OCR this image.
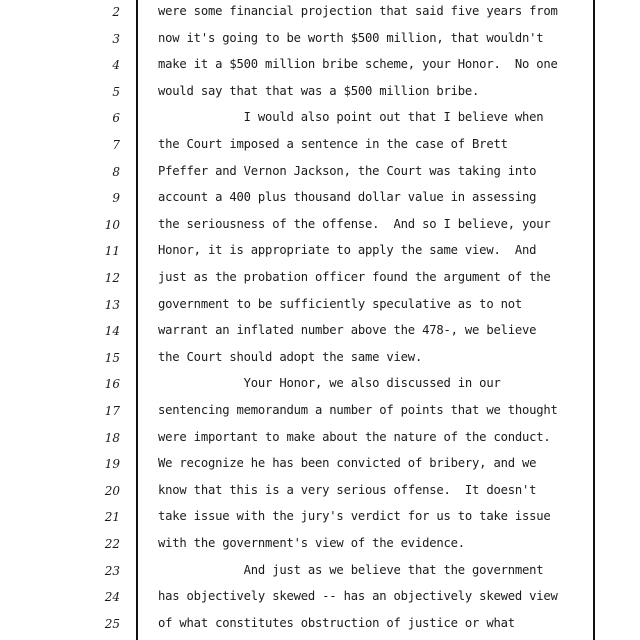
2	were some financial projection that said five years from
3	now it's going to be worth $500 million, that wouldn't
4	make it a $500 million bribe scheme, your Honor.  No one
5	would say that that was a $500 million bribe.
6	I would also point out that I believe when
7	the Court imposed a sentence in the case of Brett
8	Pfeffer and Vernon Jackson, the Court was taking into
9	account a 400 plus thousand dollar value in assessing
10	the seriousness of the offense.  And so I believe, your
11	Honor, it is appropriate to apply the same view.  And
12	just as the probation officer found the argument of the
13	government to be sufficiently speculative as to not
14	warrant an inflated number above the 478-, we believe
15	the Court should adopt the same view.
16	Your Honor, we also discussed in our
17	sentencing memorandum a number of points that we thought
18	were important to make about the nature of the conduct.
19	We recognize he has been convicted of bribery, and we
20	know that this is a very serious offense.  It doesn't
21	take issue with the jury's verdict for us to take issue
22	with the government's view of the evidence.
23	And just as we believe that the government
24	has objectively skewed -- has an objectively skewed view
25	of what constitutes obstruction of justice or what
